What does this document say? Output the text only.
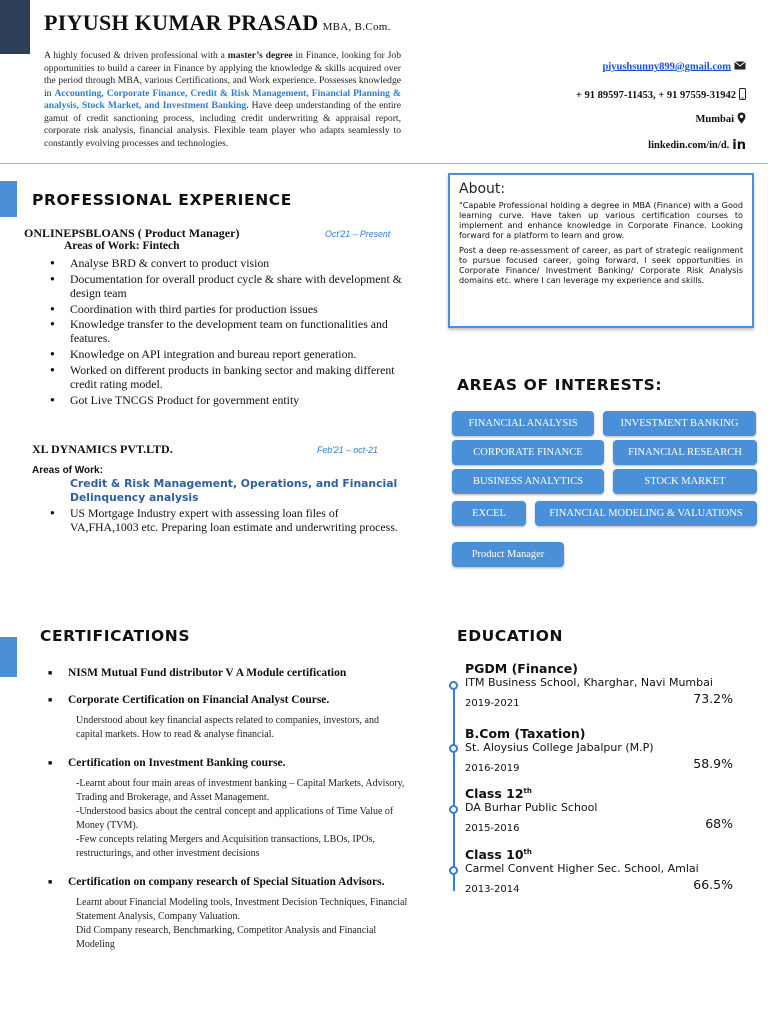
PIYUSH KUMAR PRASAD MBA, B.Com.
A highly focused & driven professional with a master’s degree in Finance, looking for Job opportunities to build a career in Finance by applying the knowledge & skills acquired over the period through MBA, various Certifications, and Work experience. Possesses knowledge in Accounting, Corporate Finance, Credit & Risk Management, Financial Planning & analysis, Stock Market, and Investment Banking. Have deep understanding of the entire gamut of credit sanctioning process, including credit underwriting & appraisal report, corporate risk analysis, financial analysis. Flexible team player who adapts seamlessly to constantly evolving processes and technologies.
piyushsunny899@gmail.com
+ 91 89597-11453, + 91 97559-31942
Mumbai
linkedin.com/in/d. in
PROFESSIONAL EXPERIENCE
ONLINEPSBLOANS ( Product Manager)	Oct'21 – Present
Areas of Work: Fintech
● Analyse BRD & convert to product vision
● Documentation for overall product cycle & share with development & design team
● Coordination with third parties for production issues
● Knowledge transfer to the development team on functionalities and features.
● Knowledge on API integration and bureau report generation.
● Worked on different products in banking sector and making different credit rating model.
● Got Live TNCGS Product for government entity
XL DYNAMICS PVT.LTD.	Feb'21 – oct-21
Areas of Work:
Credit & Risk Management, Operations, and Financial Delinquency analysis
● US Mortgage Industry expert with assessing loan files of VA,FHA,1003 etc. Preparing loan estimate and underwriting process.
About:

"Capable Professional holding a degree in MBA (Finance) with a Good learning curve. Have taken up various certification courses to implement and enhance knowledge in Corporate Finance. Looking forward for a platform to learn and grow.

Post a deep re-assessment of career, as part of strategic realignment to pursue focused career, going forward, I seek opportunities in Corporate Finance/ Investment Banking/ Corporate Risk Analysis domains etc. where I can leverage my experience and skills.

AREAS OF INTERESTS:
FINANCIAL ANALYSIS	INVESTMENT BANKING
CORPORATE FINANCE	FINANCIAL RESEARCH
BUSINESS ANALYTICS	STOCK MARKET
EXCEL	FINANCIAL MODELING & VALUATIONS
Product Manager
CERTIFICATIONS
■ NISM Mutual Fund distributor V A Module certification
■ Corporate Certification on Financial Analyst Course.
Understood about key financial aspects related to companies, investors, and capital markets. How to read & analyse financial.
■ Certification on Investment Banking course.
-Learnt about four main areas of investment banking – Capital Markets, Advisory, Trading and Brokerage, and Asset Management.
-Understood basics about the central concept and applications of Time Value of Money (TVM).
-Few concepts relating Mergers and Acquisition transactions, LBOs, IPOs, restructurings, and other investment decisions
■ Certification on company research of Special Situation Advisors.
Learnt about Financial Modeling tools, Investment Decision Techniques, Financial Statement Analysis, Company Valuation.
Did Company research, Benchmarking, Competitor Analysis and Financial Modeling
EDUCATION
PGDM (Finance)
ITM Business School, Kharghar, Navi Mumbai
2019-2021	73.2%
B.Com (Taxation)
St. Aloysius College Jabalpur (M.P)
2016-2019	58.9%
Class 12th
DA Burhar Public School
2015-2016	68%
Class 10th
Carmel Convent Higher Sec. School, Amlai
2013-2014	66.5%
